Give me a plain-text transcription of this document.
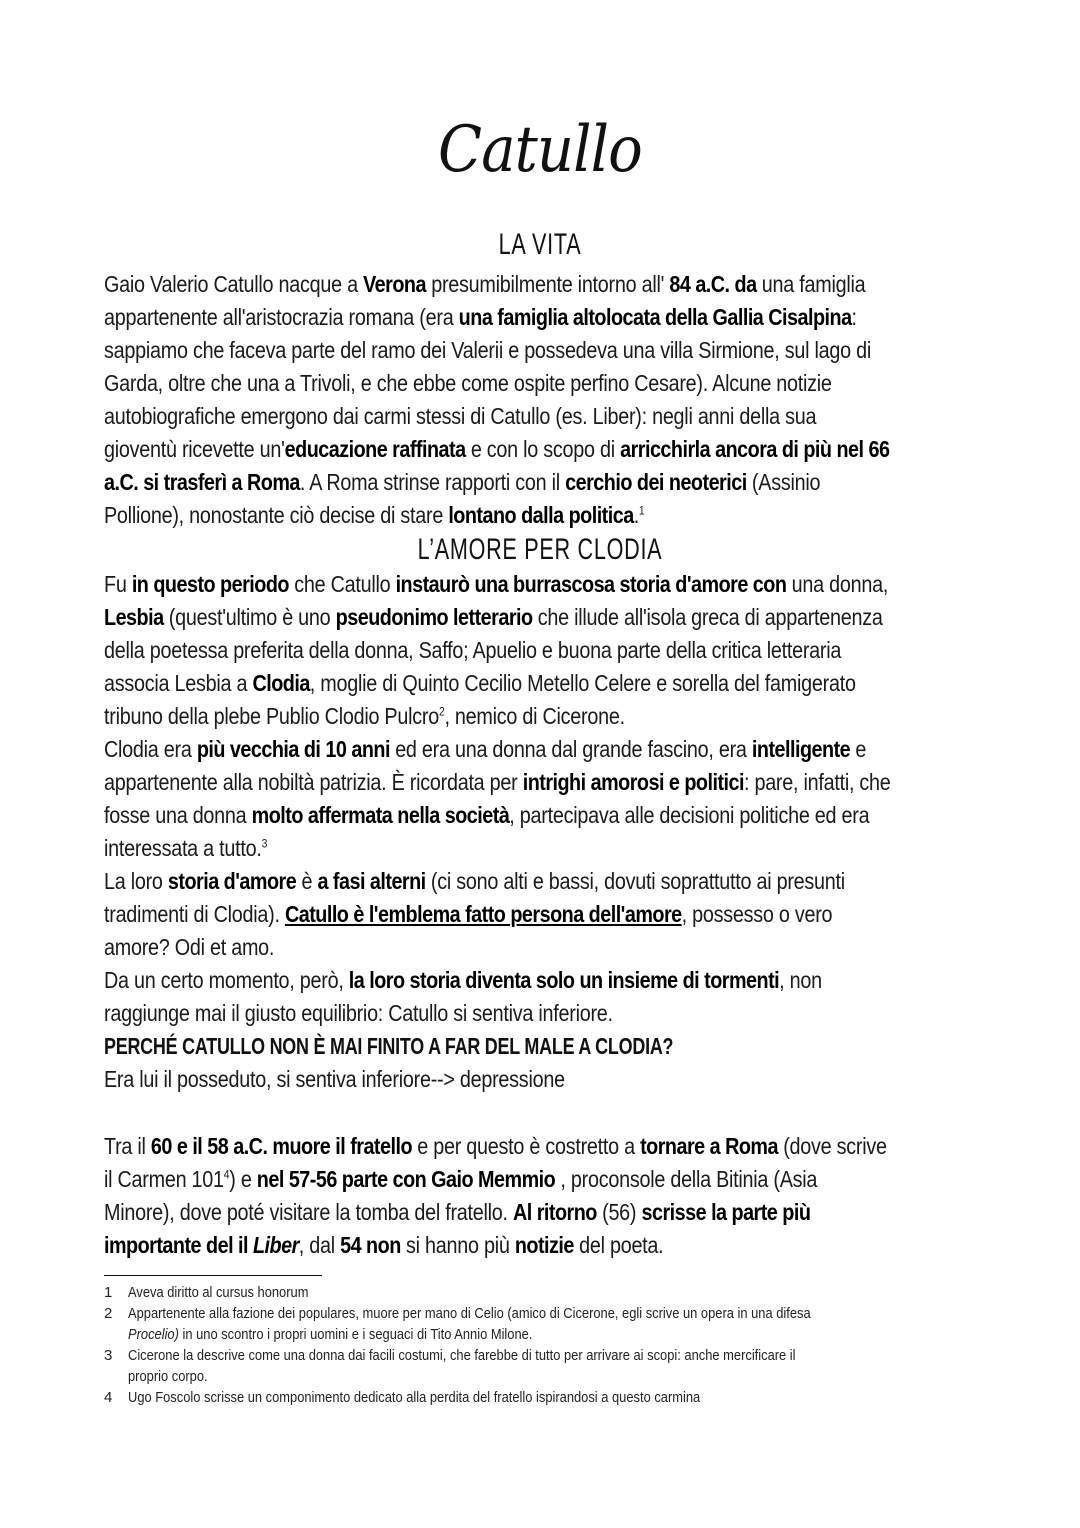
Catullo
LA VITA
Gaio Valerio Catullo nacque a Verona presumibilmente intorno all' 84 a.C. da una famiglia
appartenente all'aristocrazia romana (era una famiglia altolocata della Gallia Cisalpina:
sappiamo che faceva parte del ramo dei Valerii e possedeva una villa Sirmione, sul lago di
Garda, oltre che una a Trivoli, e che ebbe come ospite perfino Cesare). Alcune notizie
autobiografiche emergono dai carmi stessi di Catullo (es. Liber): negli anni della sua
gioventù ricevette un'educazione raffinata e con lo scopo di arricchirla ancora di più nel 66
a.C. si trasferì a Roma. A Roma strinse rapporti con il cerchio dei neoterici (Assinio
Pollione), nonostante ciò decise di stare lontano dalla politica.$^1$
L’AMORE PER CLODIA
Fu in questo periodo che Catullo instaurò una burrascosa storia d'amore con una donna,
Lesbia (quest'ultimo è uno pseudonimo letterario che illude all'isola greca di appartenenza
della poetessa preferita della donna, Saffo; Apuelio e buona parte della critica letteraria
associa Lesbia a Clodia, moglie di Quinto Cecilio Metello Celere e sorella del famigerato
tribuno della plebe Publio Clodio Pulcro$^2$, nemico di Cicerone.
Clodia era più vecchia di 10 anni ed era una donna dal grande fascino, era intelligente e
appartenente alla nobiltà patrizia. È ricordata per intrighi amorosi e politici: pare, infatti, che
fosse una donna molto affermata nella società, partecipava alle decisioni politiche ed era
interessata a tutto.$^3$
La loro storia d'amore è a fasi alterni (ci sono alti e bassi, dovuti soprattutto ai presunti
tradimenti di Clodia). Catullo è l'emblema fatto persona dell'amore, possesso o vero
amore? Odi et amo.
Da un certo momento, però, la loro storia diventa solo un insieme di tormenti, non
raggiunge mai il giusto equilibrio: Catullo si sentiva inferiore.
PERCHÉ CATULLO NON È MAI FINITO A FAR DEL MALE A CLODIA?
Era lui il posseduto, si sentiva inferiore--> depressione
Tra il 60 e il 58 a.C. muore il fratello e per questo è costretto a tornare a Roma (dove scrive
il Carmen $101^4$) e nel 57-56 parte con Gaio Memmio , proconsole della Bitinia (Asia
Minore), dove poté visitare la tomba del fratello. Al ritorno (56) scrisse la parte più
importante del il Liber, dal 54 non si hanno più notizie del poeta.
1	Aveva diritto al cursus honorum
2	Appartenente alla fazione dei populares, muore per mano di Celio (amico di Cicerone, egli scrive un opera in una difesa
Procelio) in uno scontro i propri uomini e i seguaci di Tito Annio Milone.
3	Cicerone la descrive come una donna dai facili costumi, che farebbe di tutto per arrivare ai scopi: anche mercificare il
proprio corpo.
4	Ugo Foscolo scrisse un componimento dedicato alla perdita del fratello ispirandosi a questo carmina
